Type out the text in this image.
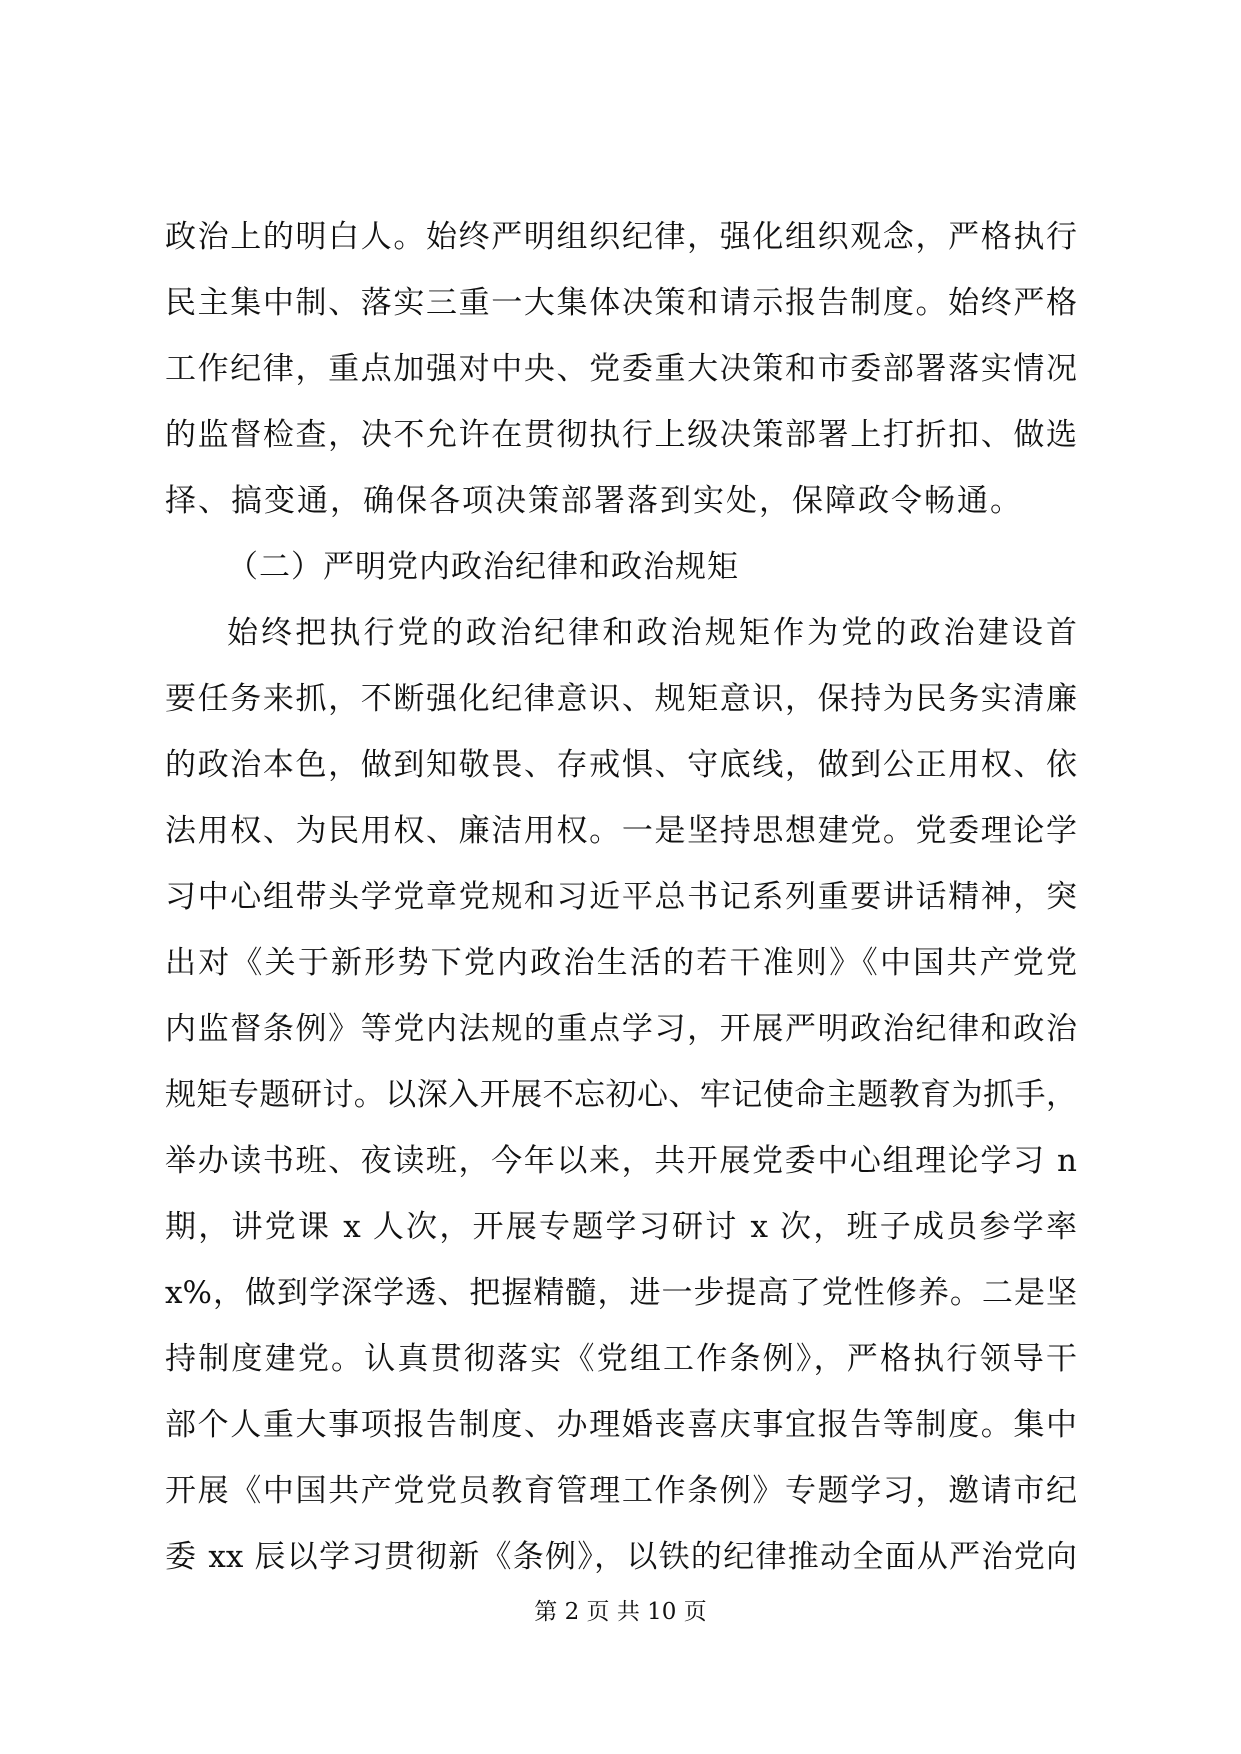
政治上的明白人。始终严明组织纪律，强化组织观念，严格执行
民主集中制、落实三重一大集体决策和请示报告制度。始终严格
工作纪律，重点加强对中央、党委重大决策和市委部署落实情况
的监督检查，决不允许在贯彻执行上级决策部署上打折扣、做选
择、搞变通，确保各项决策部署落到实处，保障政令畅通。
（二）严明党内政治纪律和政治规矩
始终把执行党的政治纪律和政治规矩作为党的政治建设首
要任务来抓，不断强化纪律意识、规矩意识，保持为民务实清廉
的政治本色，做到知敬畏、存戒惧、守底线，做到公正用权、依
法用权、为民用权、廉洁用权。一是坚持思想建党。党委理论学
习中心组带头学党章党规和习近平总书记系列重要讲话精神，突
出对《关于新形势下党内政治生活的若干准则》《中国共产党党
内监督条例》等党内法规的重点学习，开展严明政治纪律和政治
规矩专题研讨。以深入开展不忘初心、牢记使命主题教育为抓手，
举办读书班、夜读班，今年以来，共开展党委中心组理论学习 n
期，讲党课 x 人次，开展专题学习研讨 x 次，班子成员参学率
x%，做到学深学透、把握精髓，进一步提高了党性修养。二是坚
持制度建党。认真贯彻落实《党组工作条例》，严格执行领导干
部个人重大事项报告制度、办理婚丧喜庆事宜报告等制度。集中
开展《中国共产党党员教育管理工作条例》专题学习，邀请市纪
委 xx 辰以学习贯彻新《条例》，以铁的纪律推动全面从严治党向
第 2 页 共 10 页
